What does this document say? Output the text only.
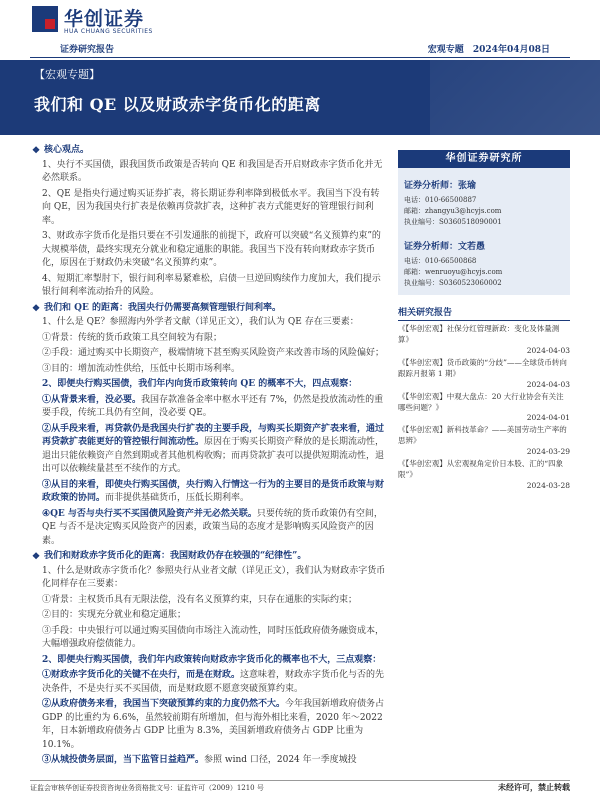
华创证券
HUA CHUANG SECURITIES
证券研究报告	宏观专题 2024年04月08日
【宏观专题】
我们和 QE 以及财政赤字货币化的距离
❖ 核心观点。

1、央行不买国债，跟我国货币政策是否转向 QE 和我国是否开启财政赤字货币化并无必然联系。

2、QE 是指央行通过购买证券扩表，将长期证券利率降到极低水平。我国当下没有转向 QE，因为我国央行扩表是依赖再贷款扩表，这种扩表方式能更好的管理银行间利率。

3、财政赤字货币化是指只要在不引发通胀的前提下，政府可以突破“名义预算约束”的大规模举债，最终实现充分就业和稳定通胀的职能。我国当下没有转向财政赤字货币化，原因在于财政仍未突破“名义预算约束”。

4、短期汇率掣肘下，银行间利率易紧难松，启债一旦逆回购续作力度加大，我们提示银行间利率流动抬升的风险。

❖ 我们和 QE 的距离：我国央行仍需要高频管理银行间利率。

1、什么是 QE？参照海内外学者文献（详见正文），我们认为 QE 存在三要素：

①背景：传统的货币政策工具空间较为有限；

②手段：通过购买中长期资产，极端情境下甚至购买风险资产来改善市场的风险偏好；

③目的：增加流动性供给，压低中长期市场利率。

2、即便央行购买国债，我们年内向货币政策转向 QE 的概率不大，四点观察：

①从背景来看，没必要。我国存款准备金率中枢水平还有 7%，仍然是投放流动性的重要手段，传统工具仍有空间，没必要 QE。

②从手段来看，再贷款仍是我国央行扩表的主要手段，与购买长期资产扩表来看，通过再贷款扩表能更好的管控银行间流动性。原因在于购买长期资产释放的是长期流动性，退出只能依赖资产自然到期或者其他机构收购；而再贷款扩表可以提供短期流动性，退出可以依赖续量甚至不续作的方式。

③从目的来看，即使央行购买国债，央行购入行情这一行为的主要目的是货币政策与财政政策的协同。而非提供基础货币，压低长期利率。

④QE 与否与央行买不买国债风险资产并无必然关联。只要传统的货币政策仍有空间，QE 与否不是决定购买风险资产的因素，政策当局的态度才是影响购买风险资产的因素。

❖ 我们和财政赤字货币化的距离：我国财政仍存在较强的“纪律性”。

1、什么是财政赤字货币化？参照央行从业者文献（详见正文），我们认为财政赤字货币化同样存在三要素：

①背景：主权货币具有无限法偿，没有名义预算约束，只存在通胀的实际约束；

②目的：实现充分就业和稳定通胀；

③手段：中央银行可以通过购买国债向市场注入流动性，同时压低政府债务融资成本，大幅增强政府偿债能力。

2、即便央行购买国债，我们年内政策转向财政赤字货币化的概率也不大，三点观察：

①财政赤字货币化的关键不在央行，而是在财政。这意味着，财政赤字货币化与否的先决条件，不是央行买不买国债，而是财政愿不愿意突破预算约束。

②从政府债务来看，我国当下突破预算约束的力度仍然不大。今年我国新增政府债务占 GDP 的比重约为 6.6%，虽然较前期有所增加，但与海外相比来看，2020 年～2022 年，日本新增政府债务占 GDP 比重为 8.3%，美国新增政府债务占 GDP 比重为 10.1%。

③从城投债务层面，当下监管日益趋严。参照 wind 口径，2024 年一季度城投

华创证券研究所
证券分析师：张瑜
电话：010-66500887
邮箱：zhangyu3@hcyjs.com
执业编号：S0360518090001
证券分析师：文若愚
电话：010-66500868
邮箱：wenruoyu@hcyjs.com
执业编号：S0360523060002
相关研究报告
《【华创宏观】社保分红管理新政：变化及体量测算》
2024-04-03
《【华创宏观】货币政策的“分歧”——全球货币转向跟踪月报第 1 期》
2024-04-03
《【华创宏观】中观大盘点：20 大行业协会有关注哪些问题？》
2024-04-01
《【华创宏观】新科技革命？——美国劳动生产率的思辨》
2024-03-29
《【华创宏观】从宏观视角定价日本股、汇的“四象限”》
2024-03-28
证监会审核华创证券投资咨询业务资格批文号：证监许可（2009）1210 号	未经许可，禁止转载
